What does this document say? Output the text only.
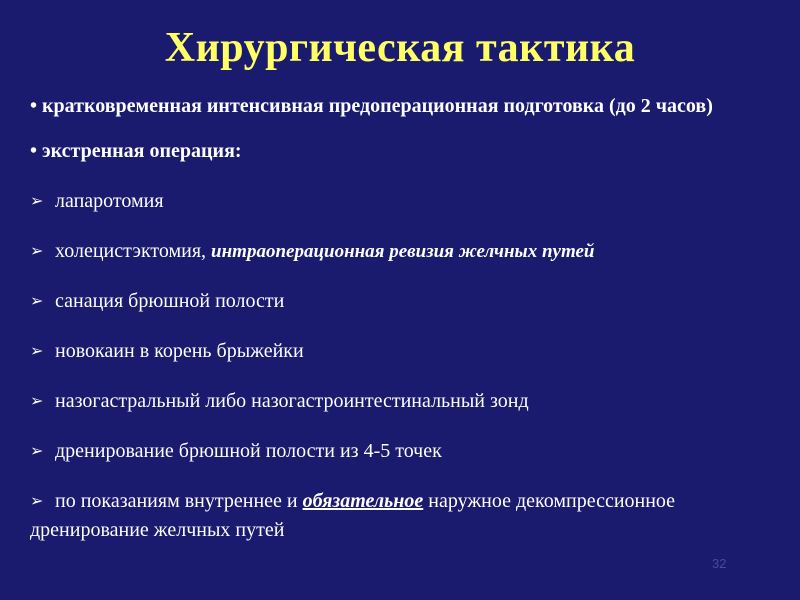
Хирургическая тактика

• кратковременная интенсивная предоперационная подготовка (до 2 часов)

• экстренная операция:

➢ лапаротомия

➢ холецистэктомия, интраоперационная ревизия желчных путей

➢ санация брюшной полости

➢ новокаин в корень брыжейки

➢ назогастральный либо назогастроинтестинальный зонд

➢ дренирование брюшной полости из 4-5 точек

➢ по показаниям внутреннее и обязательное наружное декомпрессионное дренирование желчных путей

32
